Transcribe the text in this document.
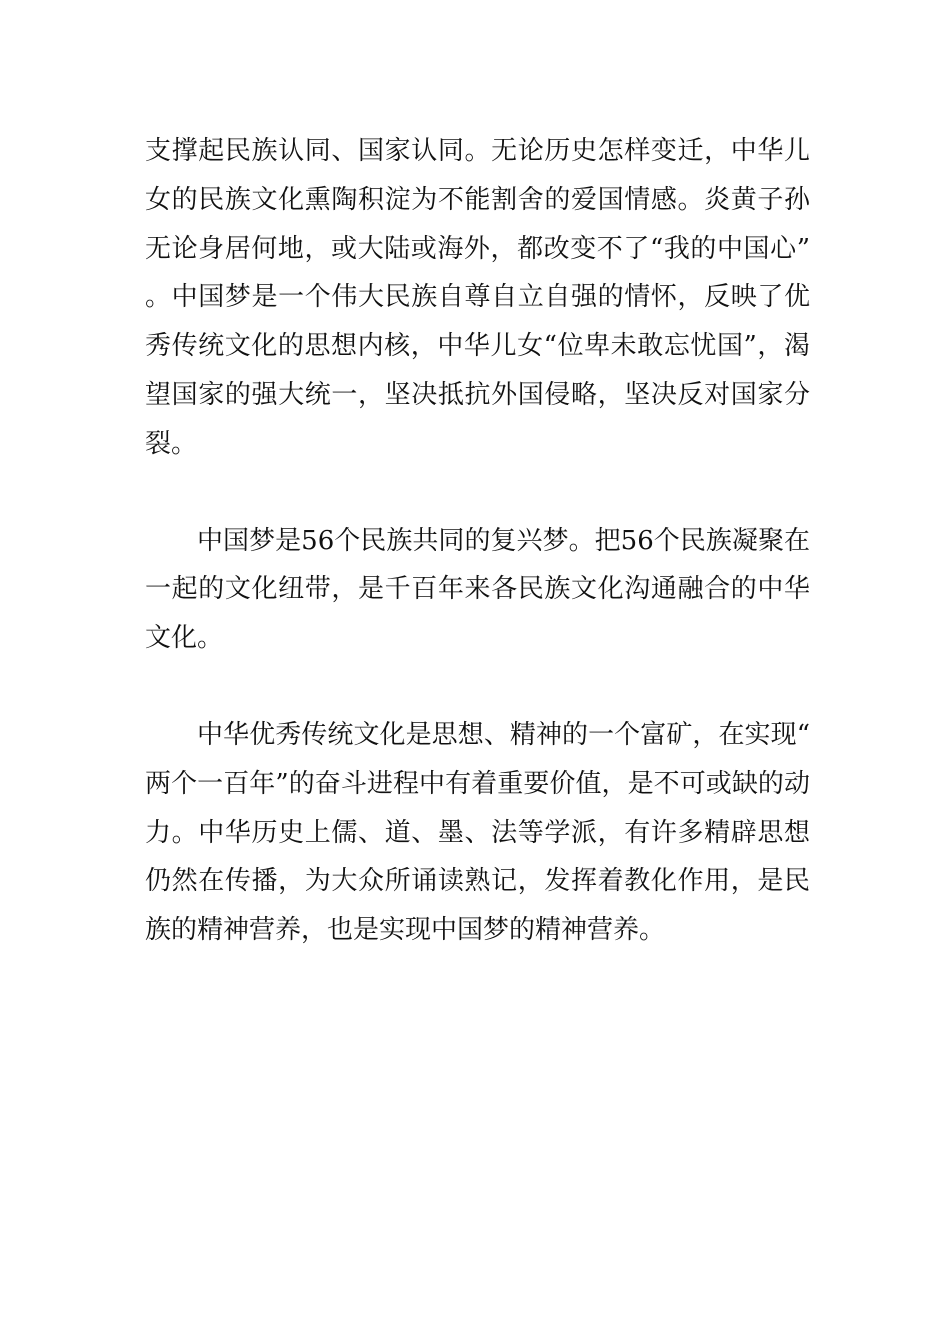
支撑起民族认同、国家认同。无论历史怎样变迁，中华儿女的民族文化熏陶积淀为不能割舍的爱国情感。炎黄子孙无论身居何地，或大陆或海外，都改变不了“我的中国心”。中国梦是一个伟大民族自尊自立自强的情怀，反映了优秀传统文化的思想内核，中华儿女“位卑未敢忘忧国”，渴望国家的强大统一，坚决抵抗外国侵略，坚决反对国家分裂。

中国梦是56个民族共同的复兴梦。把56个民族凝聚在一起的文化纽带，是千百年来各民族文化沟通融合的中华文化。

中华优秀传统文化是思想、精神的一个富矿，在实现“两个一百年”的奋斗进程中有着重要价值，是不可或缺的动力。中华历史上儒、道、墨、法等学派，有许多精辟思想仍然在传播，为大众所诵读熟记，发挥着教化作用，是民族的精神营养，也是实现中国梦的精神营养。
